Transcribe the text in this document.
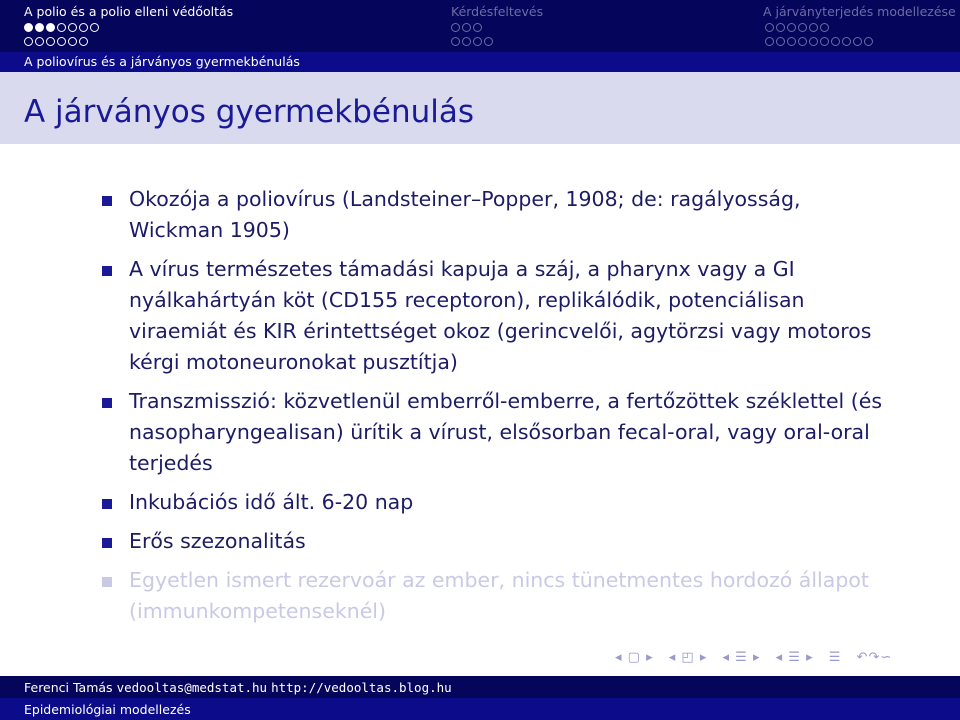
A polio és a polio elleni védőoltás	Kérdésfeltevés	A járványterjedés modellezése
A poliovírus és a járványos gyermekbénulás
A járványos gyermekbénulás
Okozója a poliovírus (Landsteiner–Popper, 1908; de: ragályosság, Wickman 1905)
A vírus természetes támadási kapuja a száj, a pharynx vagy a GI nyálkahártyán köt (CD155 receptoron), replikálódik, potenciálisan viraemiát és KIR érintettséget okoz (gerincvelői, agytörzsi vagy motoros kérgi motoneuronokat pusztítja)
Transzmisszió: közvetlenül emberről-emberre, a fertőzöttek széklettel (és nasopharyngealisan) ürítik a vírust, elsősorban fecal-oral, vagy oral-oral terjedés
Inkubációs idő ált. 6-20 nap
Erős szezonalitás
Egyetlen ismert rezervoár az ember, nincs tünetmentes hordozó állapot (immunkompetenseknél)
◂ ▢ ▸ ◂ ◰ ▸ ◂ ☰ ▸ ◂ ☰ ▸ ☰ ↶↷∽
Ferenci Tamás vedooltas@medstat.hu http://vedooltas.blog.hu
Epidemiológiai modellezés
